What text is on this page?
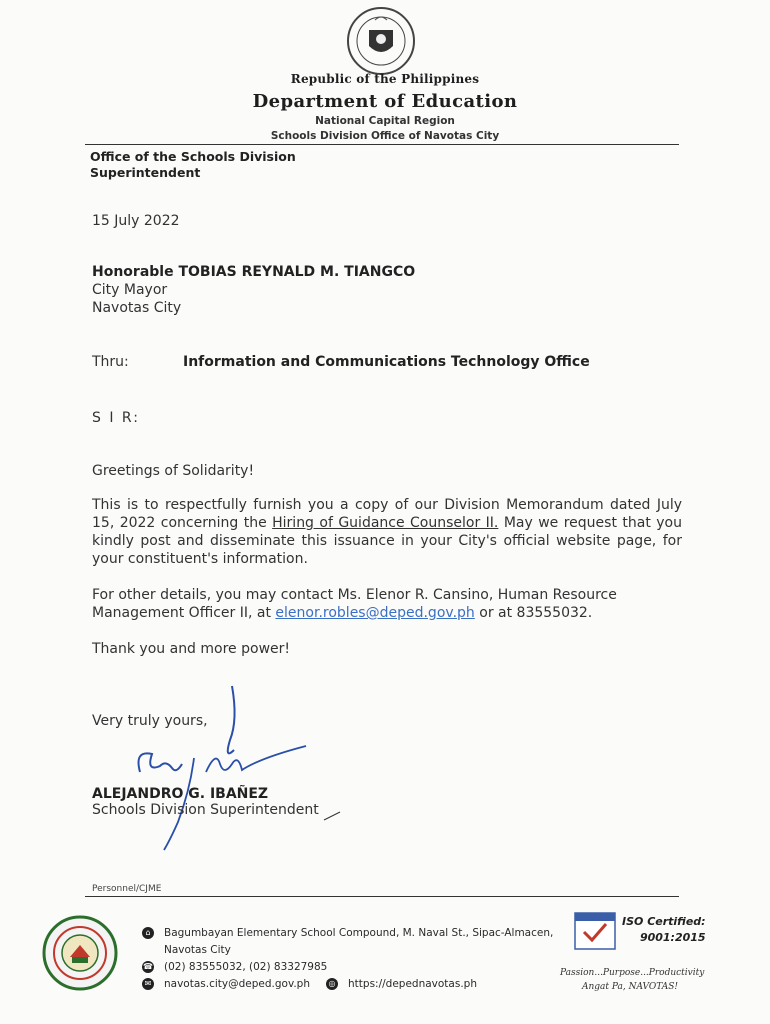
Republic of the Philippines
Department of Education
National Capital Region
Schools Division Office of Navotas City
Office of the Schools Division
Superintendent
15 July 2022
Honorable TOBIAS REYNALD M. TIANGCO
City Mayor
Navotas City
Thru:	Information and Communications Technology Office
S I R:
Greetings of Solidarity!
This is to respectfully furnish you a copy of our Division Memorandum dated July 15, 2022 concerning the Hiring of Guidance Counselor II. May we request that you kindly post and disseminate this issuance in your City's official website page, for your constituent's information.
For other details, you may contact Ms. Elenor R. Cansino, Human Resource Management Officer II, at elenor.robles@deped.gov.ph or at 83555032.
Thank you and more power!
Very truly yours,
ALEJANDRO G. IBAÑEZ
Schools Division Superintendent
Personnel/CJME
⌂	Bagumbayan Elementary School Compound, M. Naval St., Sipac-Almacen,
Navotas City
☎ (02) 83555032, (02) 83327985
✉ navotas.city@deped.gov.ph	◎ https://depednavotas.ph
ISO Certified:
9001:2015
Passion...Purpose...Productivity
Angat Pa, NAVOTAS!
